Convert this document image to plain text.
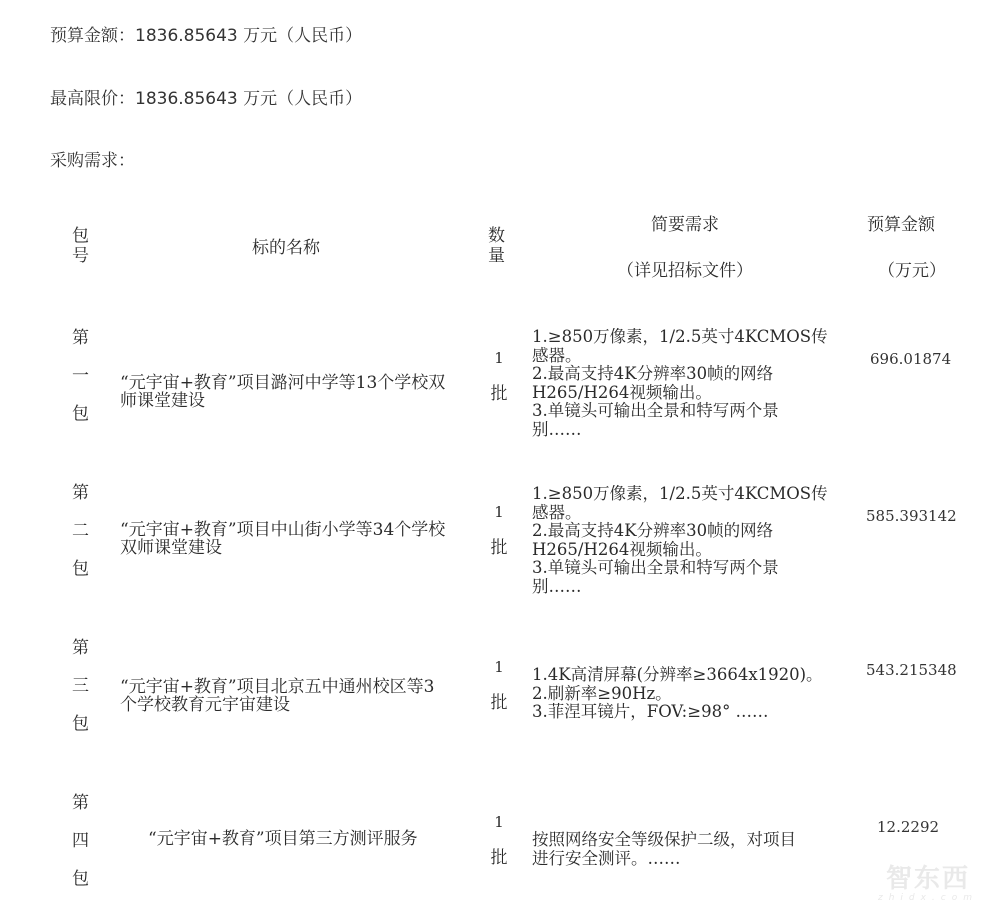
预算金额：1836.85643 万元（人民币）
最高限价：1836.85643 万元（人民币）
采购需求：
包
号	标的名称
数
量
简要需求
（详见招标文件）
预算金额
（万元）
第
一
包
“元宇宙+教育”项目潞河中学等13个学校双
师课堂建设
1
批
1.≥850万像素，1/2.5英寸4KCMOS传
感器。
2.最高支持4K分辨率30帧的网络
H265/H264视频输出。
3.单镜头可输出全景和特写两个景
别……
696.01874
第
二
包
“元宇宙+教育”项目中山街小学等34个学校
双师课堂建设
1
批
1.≥850万像素，1/2.5英寸4KCMOS传
感器。
2.最高支持4K分辨率30帧的网络
H265/H264视频输出。
3.单镜头可输出全景和特写两个景
别……
585.393142
第
三
包
“元宇宙+教育”项目北京五中通州校区等3
个学校教育元宇宙建设
1
批
1.4K高清屏幕(分辨率≥3664x1920)。
2.刷新率≥90Hz。
3.菲涅耳镜片，FOV:≥98° ……
543.215348
第
四
包
“元宇宙+教育”项目第三方测评服务
1
批
按照网络安全等级保护二级，对项目
进行安全测评。……
12.2292
智东西
zhidx.com
